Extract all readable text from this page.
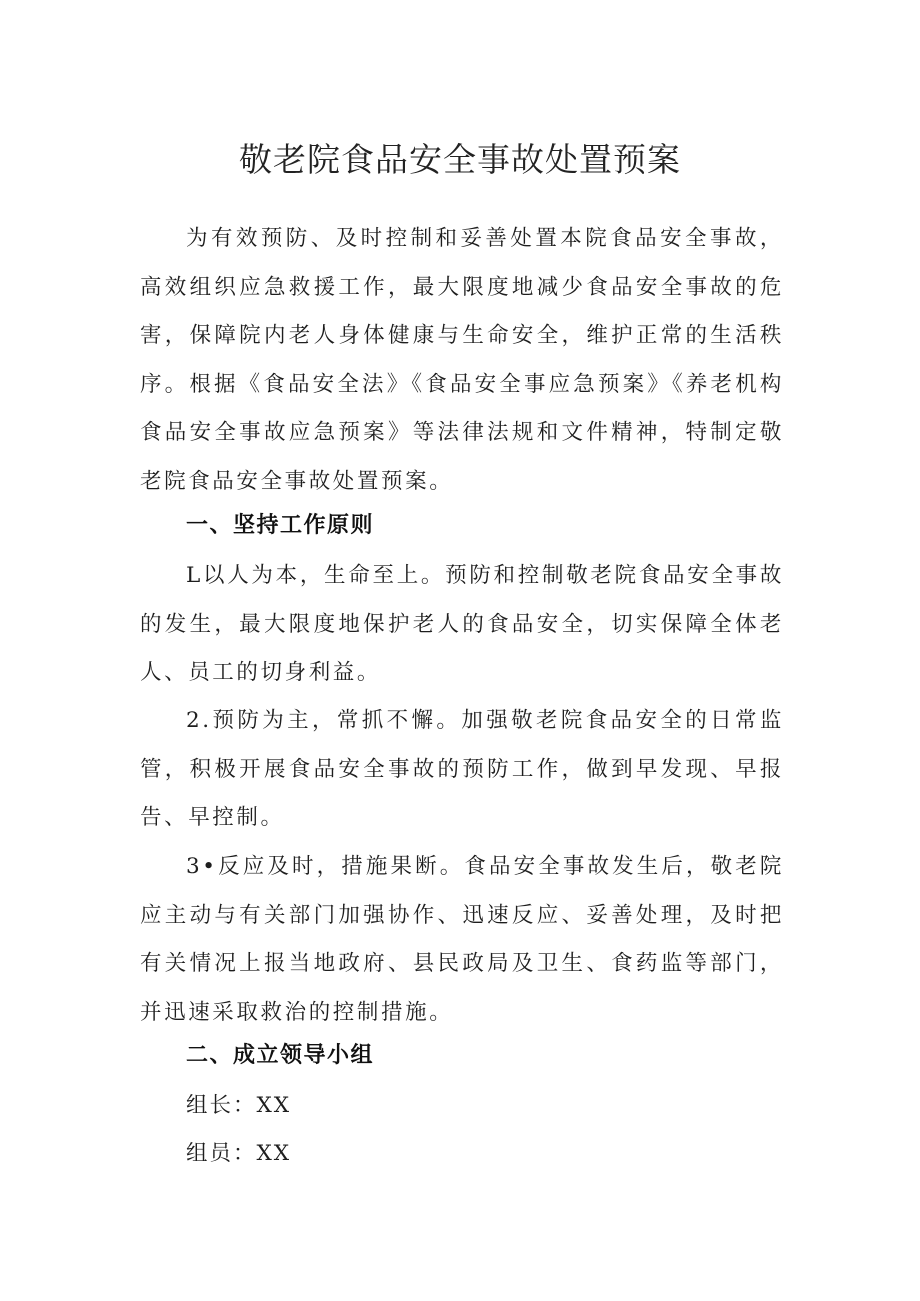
敬老院食品安全事故处置预案

为有效预防、及时控制和妥善处置本院食品安全事故，高效组织应急救援工作，最大限度地减少食品安全事故的危害，保障院内老人身体健康与生命安全，维护正常的生活秩序。根据《食品安全法》《食品安全事应急预案》《养老机构食品安全事故应急预案》等法律法规和文件精神，特制定敬老院食品安全事故处置预案。

一、坚持工作原则

L以人为本，生命至上。预防和控制敬老院食品安全事故的发生，最大限度地保护老人的食品安全，切实保障全体老人、员工的切身利益。

2.预防为主，常抓不懈。加强敬老院食品安全的日常监管，积极开展食品安全事故的预防工作，做到早发现、早报告、早控制。

3•反应及时，措施果断。食品安全事故发生后，敬老院应主动与有关部门加强协作、迅速反应、妥善处理，及时把有关情况上报当地政府、县民政局及卫生、食药监等部门，并迅速采取救治的控制措施。

二、成立领导小组

组长：XX

组员：XX
